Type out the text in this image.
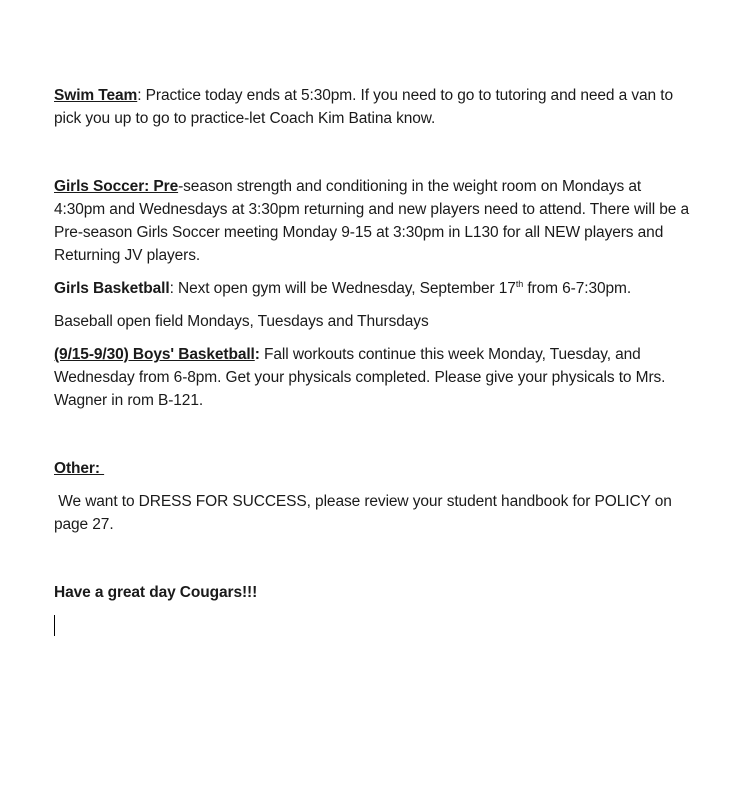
Swim Team: Practice today ends at 5:30pm. If you need to go to tutoring and need a van to pick you up to go to practice-let Coach Kim Batina know.

Girls Soccer: Pre-season strength and conditioning in the weight room on Mondays at 4:30pm and Wednesdays at 3:30pm returning and new players need to attend. There will be a Pre-season Girls Soccer meeting Monday 9-15 at 3:30pm in L130 for all NEW players and Returning JV players.

Girls Basketball: Next open gym will be Wednesday, September 17th from 6-7:30pm.

Baseball open field Mondays, Tuesdays and Thursdays

(9/15-9/30) Boys' Basketball: Fall workouts continue this week Monday, Tuesday, and Wednesday from 6-8pm. Get your physicals completed. Please give your physicals to Mrs. Wagner in rom B-121.

Other:

We want to DRESS FOR SUCCESS, please review your student handbook for POLICY on page 27.

Have a great day Cougars!!!
